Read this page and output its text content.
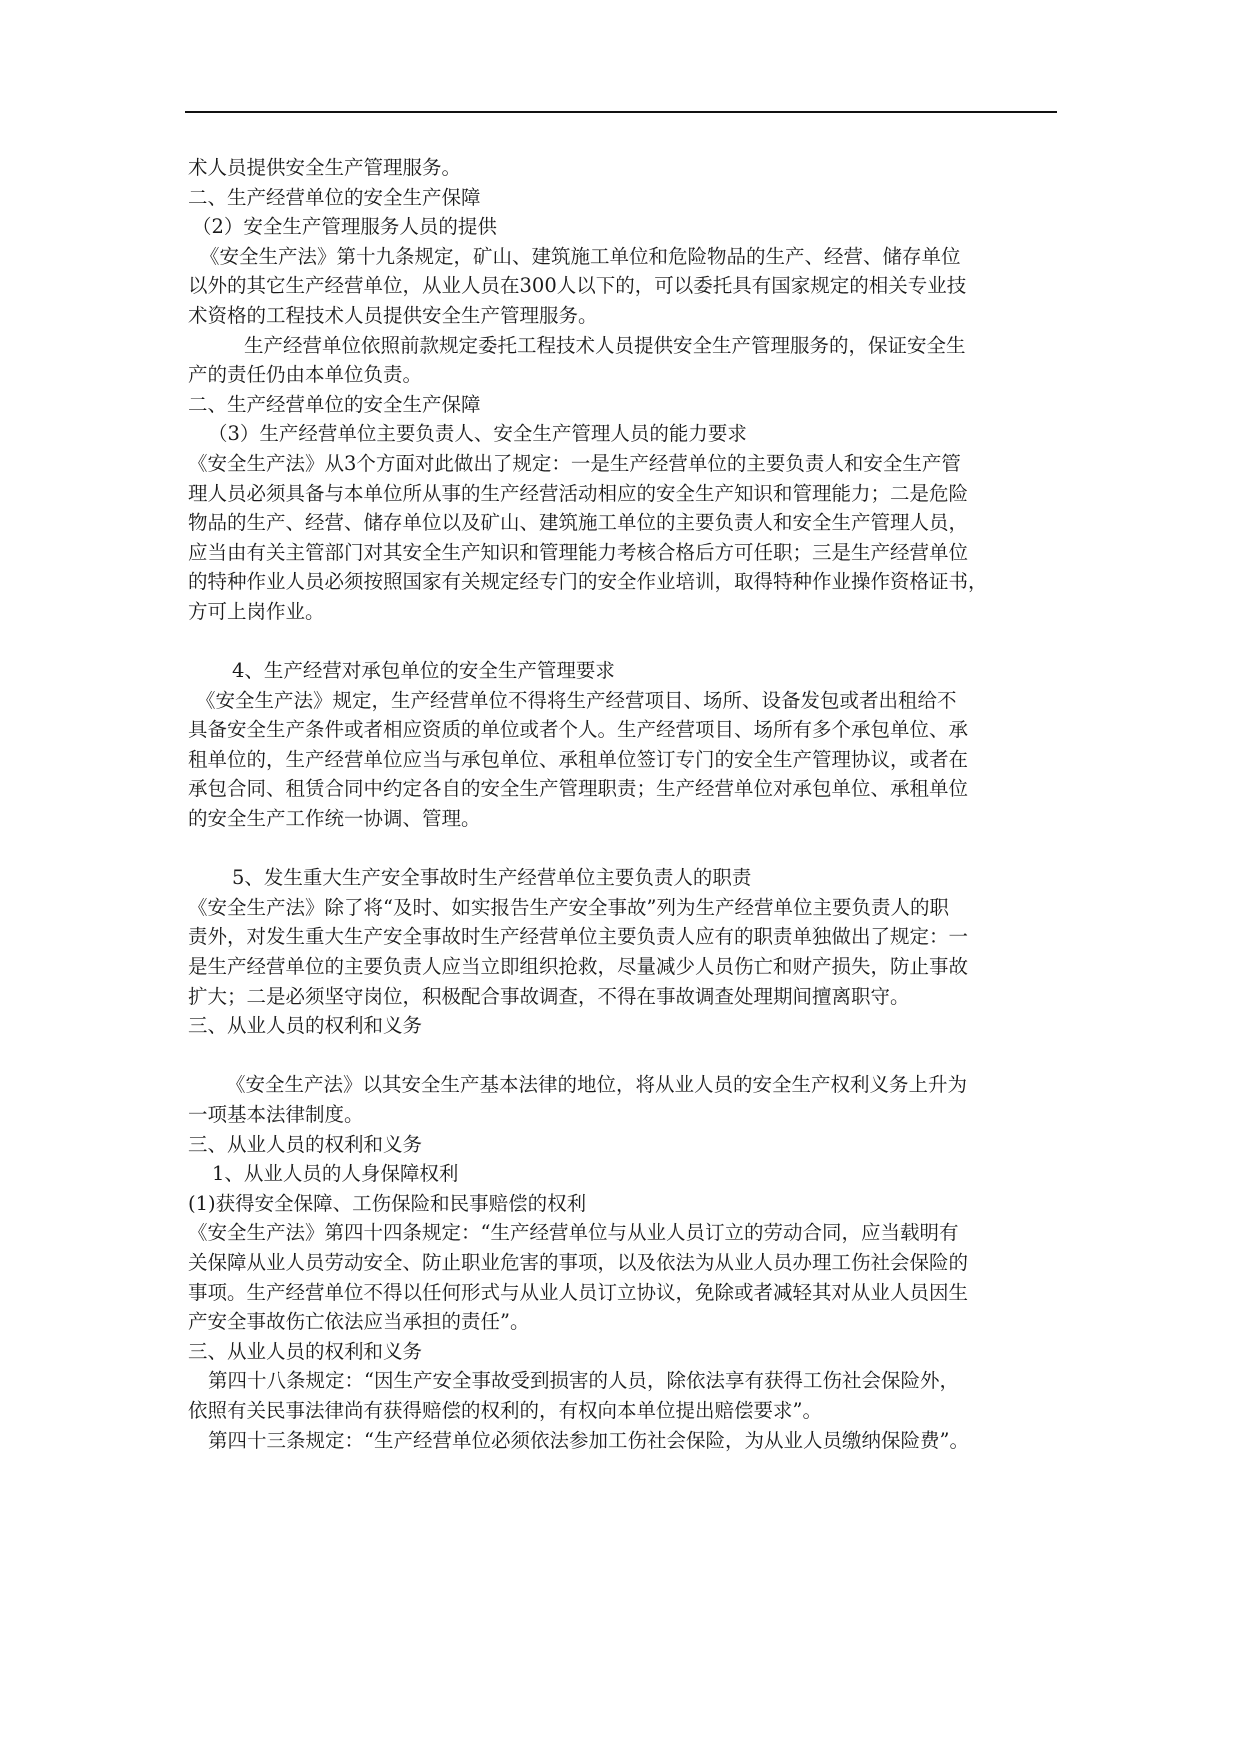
术人员提供安全生产管理服务。

二、生产经营单位的安全生产保障

（2）安全生产管理服务人员的提供

《安全生产法》第十九条规定，矿山、建筑施工单位和危险物品的生产、经营、储存单位

以外的其它生产经营单位，从业人员在300人以下的，可以委托具有国家规定的相关专业技

术资格的工程技术人员提供安全生产管理服务。

生产经营单位依照前款规定委托工程技术人员提供安全生产管理服务的，保证安全生

产的责任仍由本单位负责。

二、生产经营单位的安全生产保障

（3）生产经营单位主要负责人、安全生产管理人员的能力要求

《安全生产法》从3个方面对此做出了规定：一是生产经营单位的主要负责人和安全生产管

理人员必须具备与本单位所从事的生产经营活动相应的安全生产知识和管理能力；二是危险

物品的生产、经营、储存单位以及矿山、建筑施工单位的主要负责人和安全生产管理人员，

应当由有关主管部门对其安全生产知识和管理能力考核合格后方可任职；三是生产经营单位

的特种作业人员必须按照国家有关规定经专门的安全作业培训，取得特种作业操作资格证书，

方可上岗作业。

4、生产经营对承包单位的安全生产管理要求

《安全生产法》规定，生产经营单位不得将生产经营项目、场所、设备发包或者出租给不

具备安全生产条件或者相应资质的单位或者个人。生产经营项目、场所有多个承包单位、承

租单位的，生产经营单位应当与承包单位、承租单位签订专门的安全生产管理协议，或者在

承包合同、租赁合同中约定各自的安全生产管理职责；生产经营单位对承包单位、承租单位

的安全生产工作统一协调、管理。

5、发生重大生产安全事故时生产经营单位主要负责人的职责

《安全生产法》除了将“及时、如实报告生产安全事故”列为生产经营单位主要负责人的职

责外，对发生重大生产安全事故时生产经营单位主要负责人应有的职责单独做出了规定：一

是生产经营单位的主要负责人应当立即组织抢救，尽量减少人员伤亡和财产损失，防止事故

扩大；二是必须坚守岗位，积极配合事故调查，不得在事故调查处理期间擅离职守。

三、从业人员的权利和义务

《安全生产法》以其安全生产基本法律的地位，将从业人员的安全生产权利义务上升为

一项基本法律制度。

三、从业人员的权利和义务

1、从业人员的人身保障权利

(1)获得安全保障、工伤保险和民事赔偿的权利

《安全生产法》第四十四条规定：“生产经营单位与从业人员订立的劳动合同，应当载明有

关保障从业人员劳动安全、防止职业危害的事项，以及依法为从业人员办理工伤社会保险的

事项。生产经营单位不得以任何形式与从业人员订立协议，免除或者减轻其对从业人员因生

产安全事故伤亡依法应当承担的责任”。

三、从业人员的权利和义务

第四十八条规定：“因生产安全事故受到损害的人员，除依法享有获得工伤社会保险外，

依照有关民事法律尚有获得赔偿的权利的，有权向本单位提出赔偿要求”。

第四十三条规定：“生产经营单位必须依法参加工伤社会保险，为从业人员缴纳保险费”。
